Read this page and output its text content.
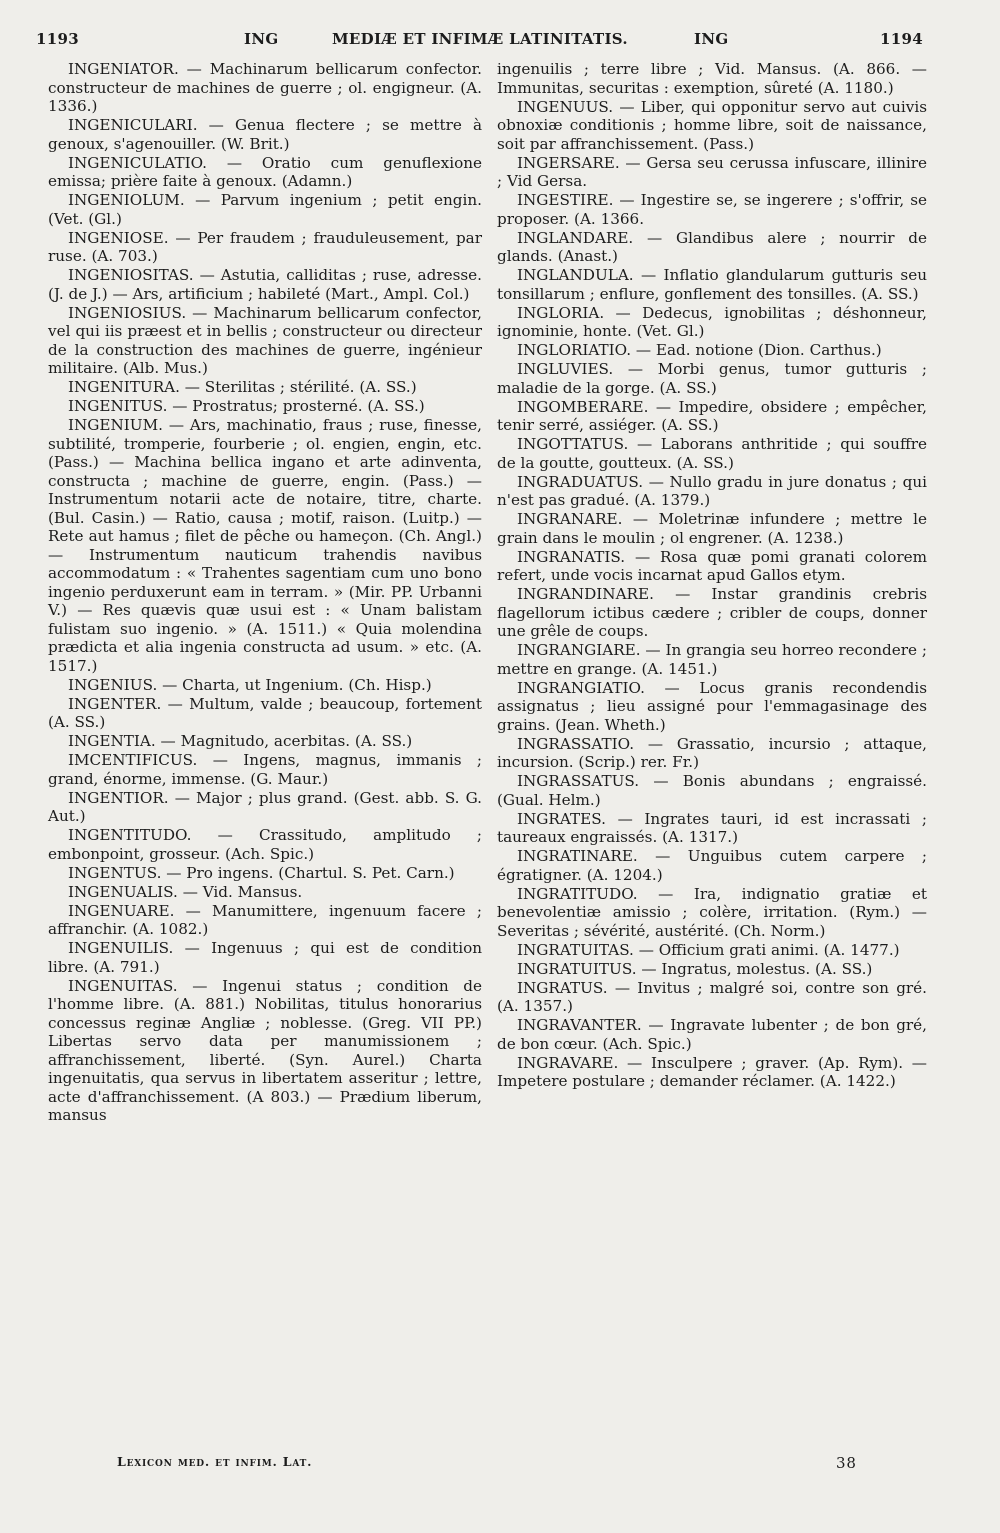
1193	ING	MEDIÆ ET INFIMÆ LATINITATIS.	ING	1194

INGENIATOR. — Machinarum bellicarum confector. constructeur de machines de guerre ; ol. engigneur. (A. 1336.)

INGENICULARI. — Genua flectere ; se mettre à genoux, s'agenouiller. (W. Brit.)

INGENICULATIO. — Oratio cum genuflexione emissa; prière faite à genoux. (Adamn.)

INGENIOLUM. — Parvum ingenium ; petit engin. (Vet. (Gl.)

INGENIOSE. — Per fraudem ; frauduleusement, par ruse. (A. 703.)

INGENIOSITAS. — Astutia, calliditas ; ruse, adresse. (J. de J.) — Ars, artificium ; habileté (Mart., Ampl. Col.)

INGENIOSIUS. — Machinarum bellicarum confector, vel qui iis præest et in bellis ; constructeur ou directeur de la construction des machines de guerre, ingénieur militaire. (Alb. Mus.)

INGENITURA. — Sterilitas ; stérilité. (A. SS.)

INGENITUS. — Prostratus; prosterné. (A. SS.)

INGENIUM. — Ars, machinatio, fraus ; ruse, finesse, subtilité, tromperie, fourberie ; ol. engien, engin, etc. (Pass.) — Machina bellica ingano et arte adinventa, constructa ; machine de guerre, engin. (Pass.) — Instrumentum notarii acte de notaire, titre, charte. (Bul. Casin.) — Ratio, causa ; motif, raison. (Luitp.) — Rete aut hamus ; filet de pêche ou hameçon. (Ch. Angl.) — Instrumentum nauticum trahendis navibus accommodatum : « Trahentes sagentiam cum uno bono ingenio perduxerunt eam in terram. » (Mir. PP. Urbanni V.) — Res quævis quæ usui est : « Unam balistam fulistam suo ingenio. » (A. 1511.) « Quia molendina prædicta et alia ingenia constructa ad usum. » etc. (A. 1517.)

INGENIUS. — Charta, ut Ingenium. (Ch. Hisp.)

INGENTER. — Multum, valde ; beaucoup, fortement (A. SS.)

INGENTIA. — Magnitudo, acerbitas. (A. SS.)

IMCENTIFICUS. — Ingens, magnus, immanis ; grand, énorme, immense. (G. Maur.)

INGENTIOR. — Major ; plus grand. (Gest. abb. S. G. Aut.)

INGENTITUDO. — Crassitudo, amplitudo ; embonpoint, grosseur. (Ach. Spic.)

INGENTUS. — Pro ingens. (Chartul. S. Pet. Carn.)

INGENUALIS. — Vid. Mansus.

INGENUARE. — Manumittere, ingenuum facere ; affranchir. (A. 1082.)

INGENUILIS. — Ingenuus ; qui est de condition libre. (A. 791.)

INGENUITAS. — Ingenui status ; condition de l'homme libre. (A. 881.) Nobilitas, titulus honorarius concessus reginæ Angliæ ; noblesse. (Greg. VII PP.) Libertas servo data per manumissionem ; affranchissement, liberté. (Syn. Aurel.) Charta ingenuitatis, qua servus in libertatem asseritur ; lettre, acte d'affranchissement. (A 803.) — Prædium liberum, mansus

ingenuilis ; terre libre ; Vid. Mansus. (A. 866. — Immunitas, securitas : exemption, sûreté (A. 1180.)

INGENUUS. — Liber, qui opponitur servo aut cuivis obnoxiæ conditionis ; homme libre, soit de naissance, soit par affranchissement. (Pass.)

INGERSARE. — Gersa seu cerussa infuscare, illinire ; Vid Gersa.

INGESTIRE. — Ingestire se, se ingerere ; s'offrir, se proposer. (A. 1366.

INGLANDARE. — Glandibus alere ; nourrir de glands. (Anast.)

INGLANDULA. — Inflatio glandularum gutturis seu tonsillarum ; enflure, gonflement des tonsilles. (A. SS.)

INGLORIA. — Dedecus, ignobilitas ; déshonneur, ignominie, honte. (Vet. Gl.)

INGLORIATIO. — Ead. notione (Dion. Carthus.)

INGLUVIES. — Morbi genus, tumor gutturis ; maladie de la gorge. (A. SS.)

INGOMBERARE. — Impedire, obsidere ; empêcher, tenir serré, assiéger. (A. SS.)

INGOTTATUS. — Laborans anthritide ; qui souffre de la goutte, goutteux. (A. SS.)

INGRADUATUS. — Nullo gradu in jure donatus ; qui n'est pas gradué. (A. 1379.)

INGRANARE. — Moletrinæ infundere ; mettre le grain dans le moulin ; ol engrener. (A. 1238.)

INGRANATIS. — Rosa quæ pomi granati colorem refert, unde vocis incarnat apud Gallos etym.

INGRANDINARE. — Instar grandinis crebris flagellorum ictibus cædere ; cribler de coups, donner une grêle de coups.

INGRANGIARE. — In grangia seu horreo recondere ; mettre en grange. (A. 1451.)

INGRANGIATIO. — Locus granis recondendis assignatus ; lieu assigné pour l'emmagasinage des grains. (Jean. Wheth.)

INGRASSATIO. — Grassatio, incursio ; attaque, incursion. (Scrip.) rer. Fr.)

INGRASSATUS. — Bonis abundans ; engraissé. (Gual. Helm.)

INGRATES. — Ingrates tauri, id est incrassati ; taureaux engraissés. (A. 1317.)

INGRATINARE. — Unguibus cutem carpere ; égratigner. (A. 1204.)

INGRATITUDO. — Ira, indignatio gratiæ et benevolentiæ amissio ; colère, irritation. (Rym.) — Severitas ; sévérité, austérité. (Ch. Norm.)

INGRATUITAS. — Officium grati animi. (A. 1477.)

INGRATUITUS. — Ingratus, molestus. (A. SS.)

INGRATUS. — Invitus ; malgré soi, contre son gré. (A. 1357.)

INGRAVANTER. — Ingravate lubenter ; de bon gré, de bon cœur. (Ach. Spic.)

INGRAVARE. — Insculpere ; graver. (Ap. Rym). — Impetere postulare ; demander réclamer. (A. 1422.)

Lexicon med. et infim. Lat.	38
